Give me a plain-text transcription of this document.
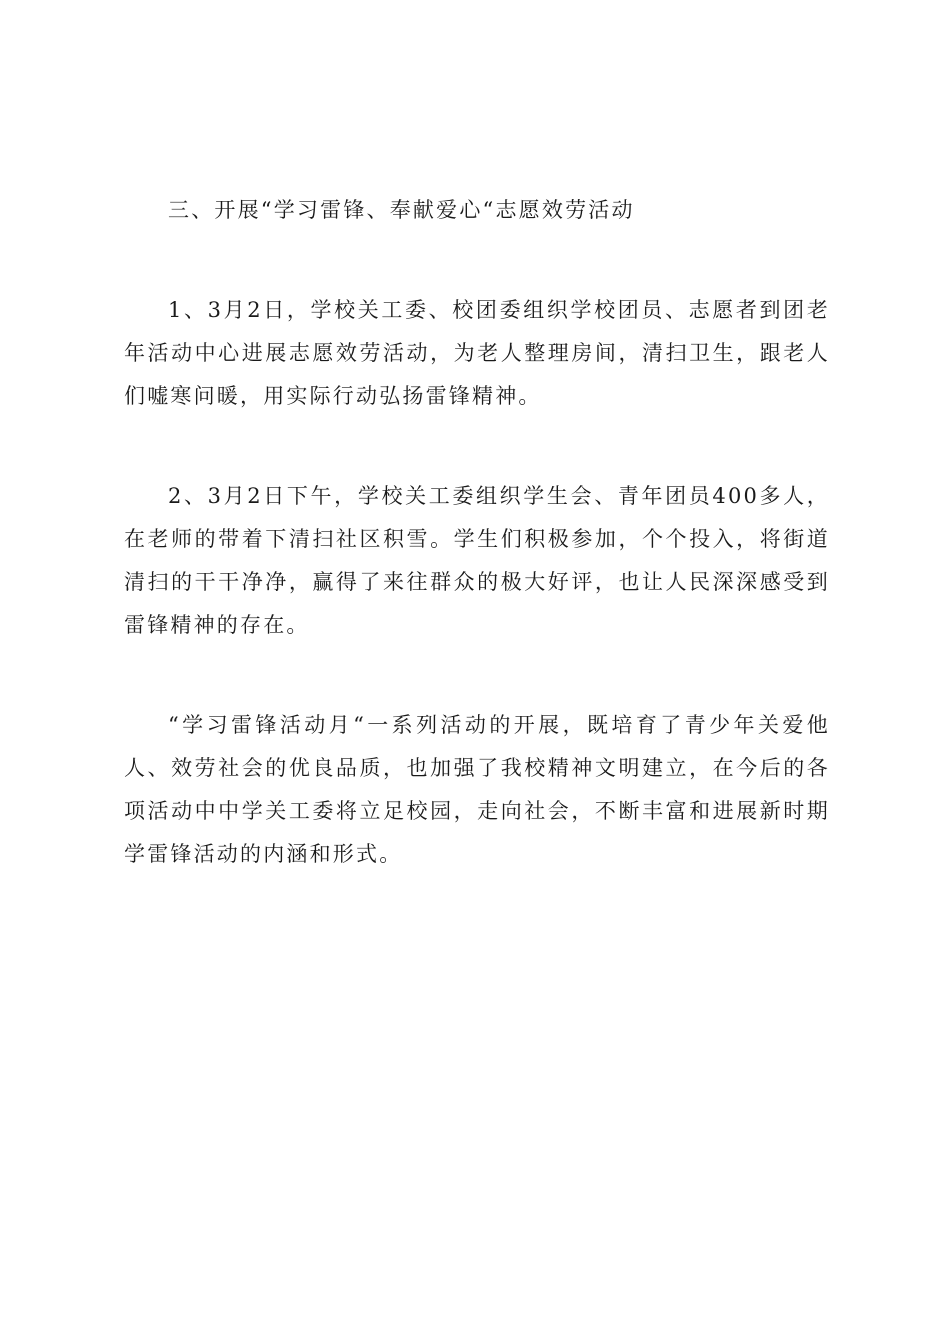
三、开展“学习雷锋、奉献爱心“志愿效劳活动

1、3月2日，学校关工委、校团委组织学校团员、志愿者到团老年活动中心进展志愿效劳活动，为老人整理房间，清扫卫生，跟老人们嘘寒问暖，用实际行动弘扬雷锋精神。

2、3月2日下午，学校关工委组织学生会、青年团员400多人，在老师的带着下清扫社区积雪。学生们积极参加，个个投入，将街道清扫的干干净净，赢得了来往群众的极大好评，也让人民深深感受到雷锋精神的存在。

“学习雷锋活动月“一系列活动的开展，既培育了青少年关爱他人、效劳社会的优良品质，也加强了我校精神文明建立，在今后的各项活动中中学关工委将立足校园，走向社会，不断丰富和进展新时期学雷锋活动的内涵和形式。
